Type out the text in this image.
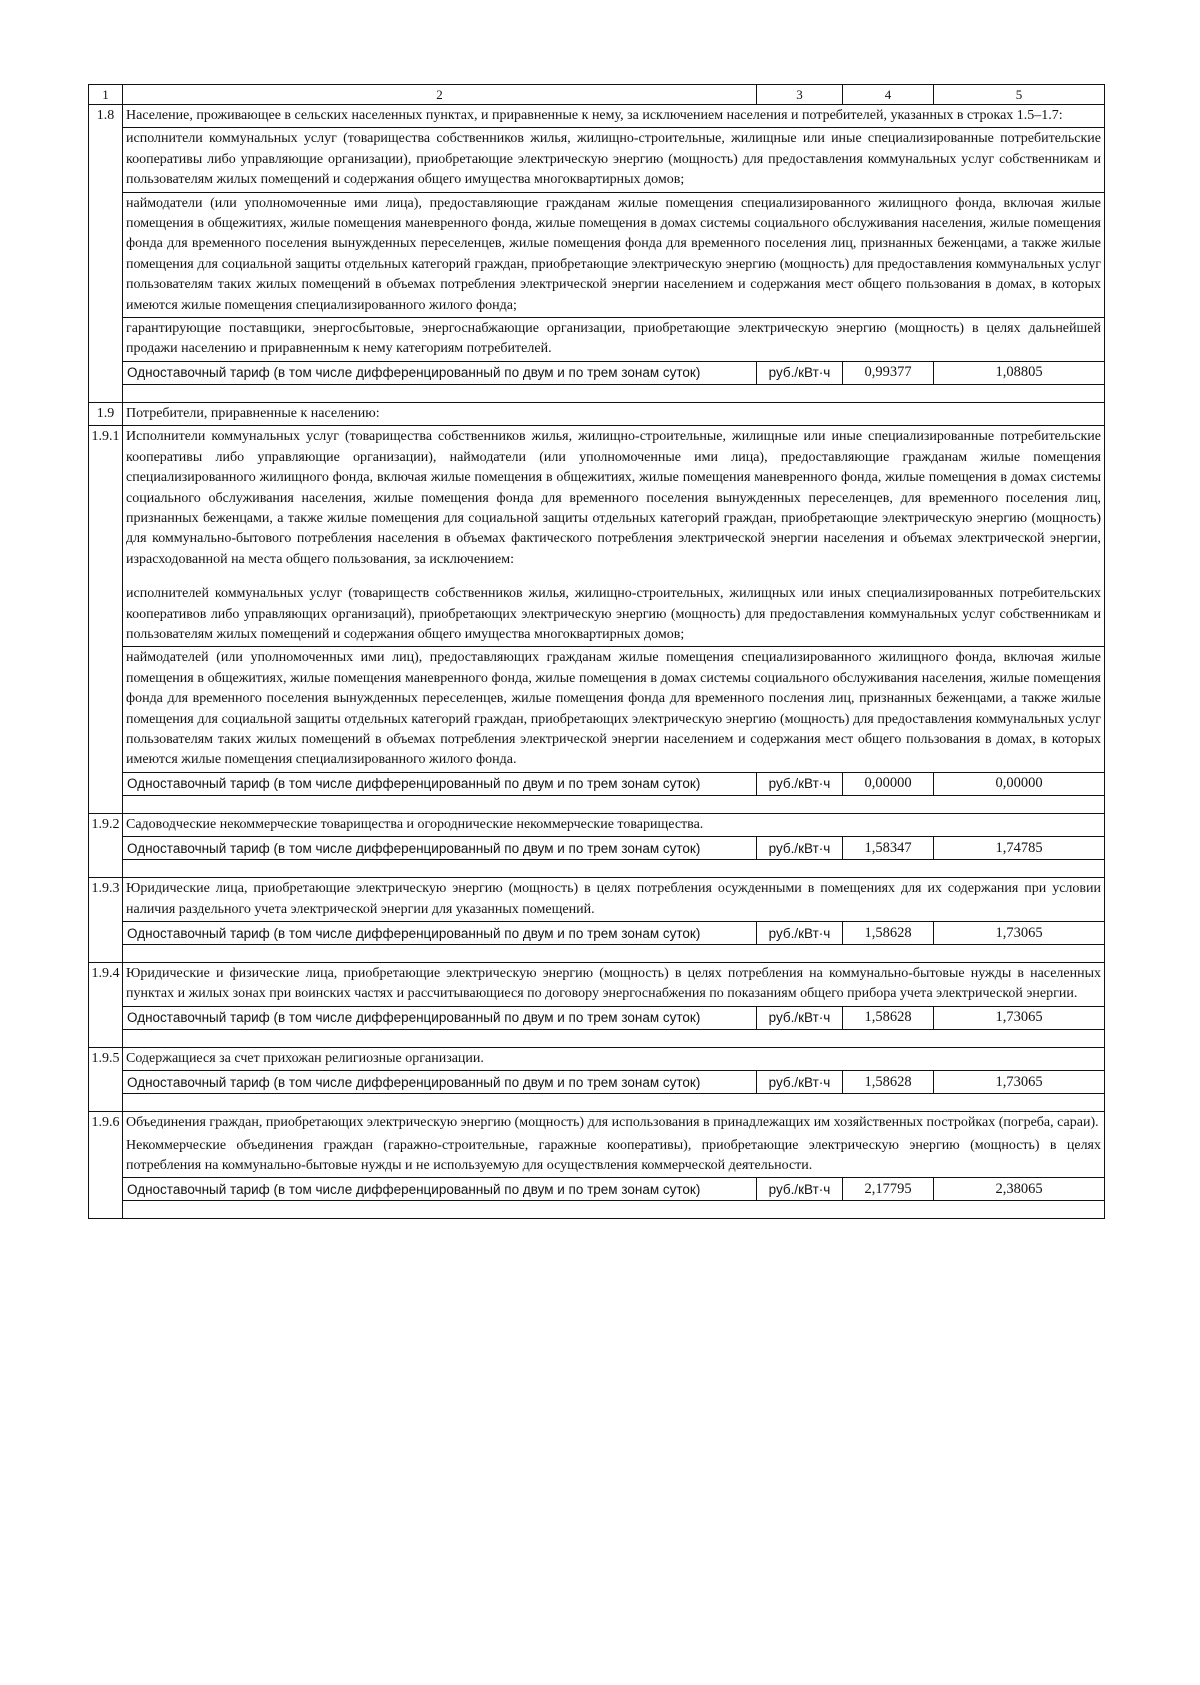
1	2	3	4	5
1.8	Население, проживающее в сельских населенных пунктах, и приравненные к нему, за исключением населения и потребителей, указанных в строках 1.5–1.7:
исполнители коммунальных услуг (товарищества собственников жилья, жилищно-строительные, жилищные или иные специализированные потребительские кооперативы либо управляющие организации), приобретающие электрическую энергию (мощность) для предоставления коммунальных услуг собственникам и пользователям жилых помещений и содержания общего имущества многоквартирных домов;
наймодатели (или уполномоченные ими лица), предоставляющие гражданам жилые помещения специализированного жилищного фонда, включая жилые помещения в общежитиях, жилые помещения маневренного фонда, жилые помещения в домах системы социального обслуживания населения, жилые помещения фонда для временного поселения вынужденных переселенцев, жилые помещения фонда для временного поселения лиц, признанных беженцами, а также жилые помещения для социальной защиты отдельных категорий граждан, приобретающие электрическую энергию (мощность) для предоставления коммунальных услуг пользователям таких жилых помещений в объемах потребления электрической энергии населением и содержания мест общего пользования в домах, в которых имеются жилые помещения специализированного жилого фонда;
гарантирующие поставщики, энергосбытовые, энергоснабжающие организации, приобретающие электрическую энергию (мощность) в целях дальнейшей продажи населению и приравненным к нему категориям потребителей.			

	Одноставочный тариф (в том числе дифференцированный по двум и по трем зонам суток)	руб./кВт·ч	0,99377	1,08805

1.9	Потребители, приравненные к населению:			

1.9.1	Исполнители коммунальных услуг (товарищества собственников жилья, жилищно-строительные, жилищные или иные специализированные потребительские кооперативы либо управляющие организации), наймодатели (или уполномоченные ими лица), предоставляющие гражданам жилые помещения специализированного жилищного фонда, включая жилые помещения в общежитиях, жилые помещения маневренного фонда, жилые помещения в домах системы социального обслуживания населения, жилые помещения фонда для временного поселения вынужденных переселенцев, для временного поселения лиц, признанных беженцами, а также жилые помещения для социальной защиты отдельных категорий граждан, приобретающие электрическую энергию (мощность) для коммунально-бытового потребления населения в объемах фактического потребления электрической энергии населения и объемах электрической энергии, израсходованной на места общего пользования, за исключением:
исполнителей коммунальных услуг (товариществ собственников жилья, жилищно-строительных, жилищных или иных специализированных потребительских кооперативов либо управляющих организаций), приобретающих электрическую энергию (мощность) для предоставления коммунальных услуг собственникам и пользователям жилых помещений и содержания общего имущества многоквартирных домов;
наймодателей (или уполномоченных ими лиц), предоставляющих гражданам жилые помещения специализированного жилищного фонда, включая жилые помещения в общежитиях, жилые помещения маневренного фонда, жилые помещения в домах системы социального обслуживания населения, жилые помещения фонда для временного поселения вынужденных переселенцев, жилые помещения фонда для временного посления лиц, признанных беженцами, а также жилые помещения для социальной защиты отдельных категорий граждан, приобретающих электрическую энергию (мощность) для предоставления коммунальных услуг пользователям таких жилых помещений в объемах потребления электрической энергии населением и содержания мест общего пользования в домах, в которых имеются жилые помещения специализированного жилого фонда.			

	Одноставочный тариф (в том числе дифференцированный по двум и по трем зонам суток)	руб./кВт·ч	0,00000	0,00000

1.9.2	Садоводческие некоммерческие товарищества и огороднические некоммерческие товарищества.			

	Одноставочный тариф (в том числе дифференцированный по двум и по трем зонам суток)	руб./кВт·ч	1,58347	1,74785

1.9.3	Юридические лица, приобретающие электрическую энергию (мощность) в целях потребления осужденными в помещениях для их содержания при условии наличия раздельного учета электрической энергии для указанных помещений.			

	Одноставочный тариф (в том числе дифференцированный по двум и по трем зонам суток)	руб./кВт·ч	1,58628	1,73065

1.9.4	Юридические и физические лица, приобретающие электрическую энергию (мощность) в целях потребления на коммунально-бытовые нужды в населенных пунктах и жилых зонах при воинских частях и рассчитывающиеся по договору энергоснабжения по показаниям общего прибора учета электрической энергии.			

	Одноставочный тариф (в том числе дифференцированный по двум и по трем зонам суток)	руб./кВт·ч	1,58628	1,73065

1.9.5	Содержащиеся за счет прихожан религиозные организации.			

	Одноставочный тариф (в том числе дифференцированный по двум и по трем зонам суток)	руб./кВт·ч	1,58628	1,73065

1.9.6	Объединения граждан, приобретающих электрическую энергию (мощность) для использования в принадлежащих им хозяйственных постройках (погреба, сараи).
Некоммерческие объединения граждан (гаражно-строительные, гаражные кооперативы), приобретающие электрическую энергию (мощность) в целях потребления на коммунально-бытовые нужды и не используемую для осуществления коммерческой деятельности.			

	Одноставочный тариф (в том числе дифференцированный по двум и по трем зонам суток)	руб./кВт·ч	2,17795	2,38065
